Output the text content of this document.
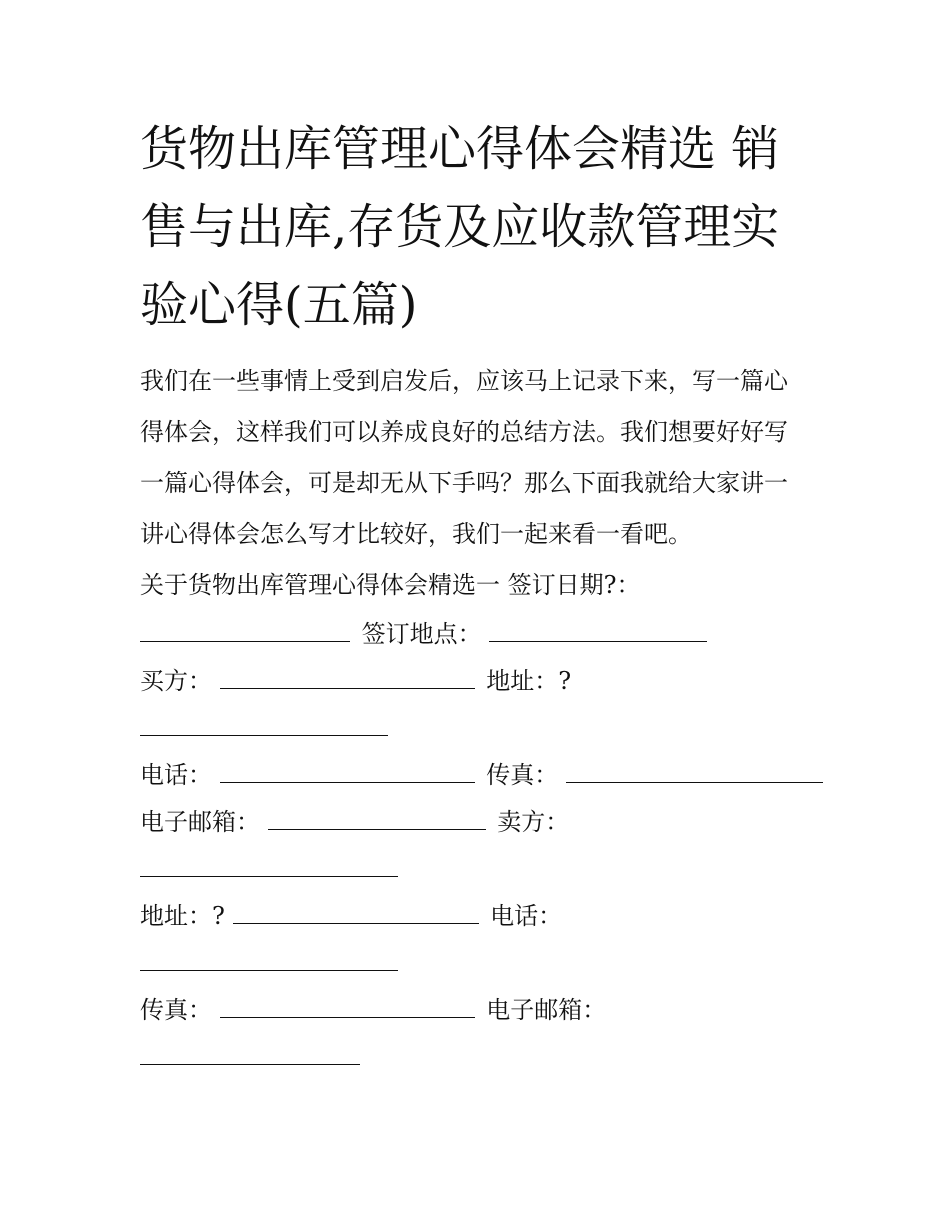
货物出库管理心得体会精选 销
售与出库,存货及应收款管理实
验心得(五篇)
我们在一些事情上受到启发后，应该马上记录下来，写一篇心
得体会，这样我们可以养成良好的总结方法。我们想要好好写
一篇心得体会，可是却无从下手吗？那么下面我就给大家讲一
讲心得体会怎么写才比较好，我们一起来看一看吧。
关于货物出库管理心得体会精选一 签订日期?：
签订地点：
买方：	地址：?
电话：	传真：
电子邮箱：	卖方：
地址：?	电话：
传真：	电子邮箱：
